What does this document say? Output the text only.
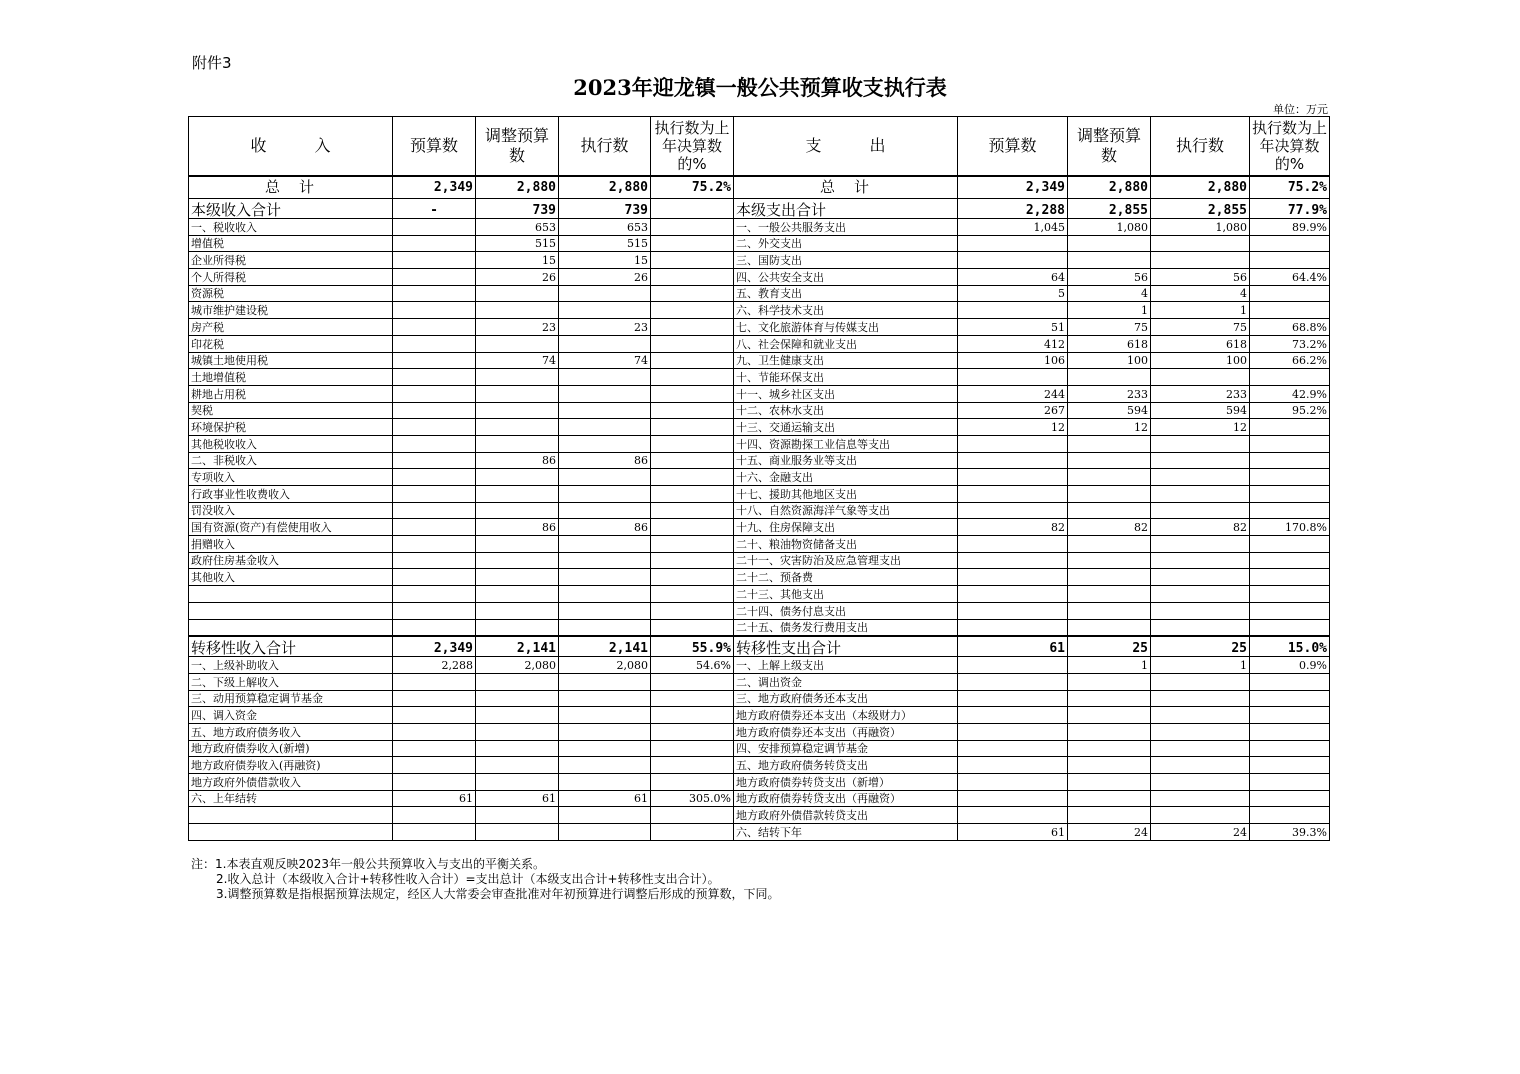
附件3
2023年迎龙镇一般公共预算收支执行表
单位：万元
收　　　入	预算数	调整预算数	执行数	执行数为上年决算数的%	支　　　出	预算数	调整预算数	执行数	执行数为上年决算数的%
总　计	2,349	2,880	2,880	75.2%	总　计	2,349	2,880	2,880	75.2%
本级收入合计	-	739	739		本级支出合计	2,288	2,855	2,855	77.9%
一、税收收入		653	653		一、一般公共服务支出	1,045	1,080	1,080	89.9%
增值税		515	515		二、外交支出				
企业所得税		15	15		三、国防支出				
个人所得税		26	26		四、公共安全支出	64	56	56	64.4%
资源税					五、教育支出	5	4	4	
城市维护建设税					六、科学技术支出		1	1	
房产税		23	23		七、文化旅游体育与传媒支出	51	75	75	68.8%
印花税					八、社会保障和就业支出	412	618	618	73.2%
城镇土地使用税		74	74		九、卫生健康支出	106	100	100	66.2%
土地增值税					十、节能环保支出				
耕地占用税					十一、城乡社区支出	244	233	233	42.9%
契税					十二、农林水支出	267	594	594	95.2%
环境保护税					十三、交通运输支出	12	12	12	
其他税收收入					十四、资源勘探工业信息等支出				
二、非税收入		86	86		十五、商业服务业等支出				
专项收入					十六、金融支出				
行政事业性收费收入					十七、援助其他地区支出				
罚没收入					十八、自然资源海洋气象等支出				
国有资源(资产)有偿使用收入		86	86		十九、住房保障支出	82	82	82	170.8%
捐赠收入					二十、粮油物资储备支出				
政府住房基金收入					二十一、灾害防治及应急管理支出				
其他收入					二十二、预备费				
					二十三、其他支出				
					二十四、债务付息支出				
					二十五、债务发行费用支出				
转移性收入合计	2,349	2,141	2,141	55.9%	转移性支出合计	61	25	25	15.0%
一、上级补助收入	2,288	2,080	2,080	54.6%	一、上解上级支出		1	1	0.9%
二、下级上解收入					二、调出资金				
三、动用预算稳定调节基金					三、地方政府债务还本支出				
四、调入资金					地方政府债券还本支出（本级财力）				
五、地方政府债务收入					地方政府债券还本支出（再融资）				
地方政府债券收入(新增)					四、安排预算稳定调节基金				
地方政府债券收入(再融资)					五、地方政府债务转贷支出				
地方政府外债借款收入					地方政府债券转贷支出（新增）				
六、上年结转	61	61	61	305.0%	地方政府债券转贷支出（再融资）				
					地方政府外债借款转贷支出				
					六、结转下年	61	24	24	39.3%
注：1.本表直观反映2023年一般公共预算收入与支出的平衡关系。
2.收入总计（本级收入合计+转移性收入合计）=支出总计（本级支出合计+转移性支出合计）。
3.调整预算数是指根据预算法规定，经区人大常委会审查批准对年初预算进行调整后形成的预算数，下同。
